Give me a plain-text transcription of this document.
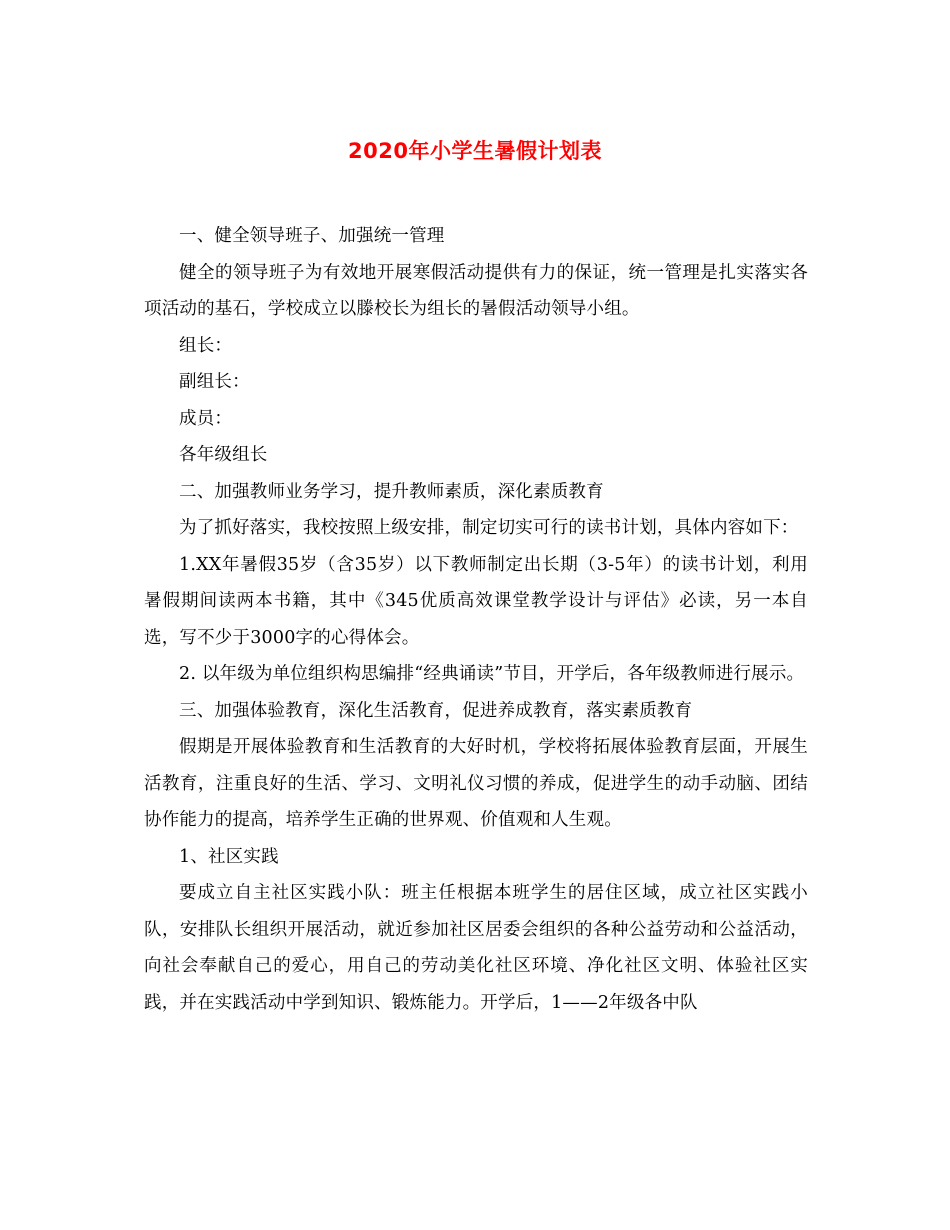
2020年小学生暑假计划表

一、健全领导班子、加强统一管理

健全的领导班子为有效地开展寒假活动提供有力的保证，统一管理是扎实落实各项活动的基石，学校成立以滕校长为组长的暑假活动领导小组。

组长：

副组长：

成员：

各年级组长

二、加强教师业务学习，提升教师素质，深化素质教育

为了抓好落实，我校按照上级安排，制定切实可行的读书计划，具体内容如下：

1.XX年暑假35岁（含35岁）以下教师制定出长期（3-5年）的读书计划，利用暑假期间读两本书籍，其中《345优质高效课堂教学设计与评估》必读，另一本自选，写不少于3000字的心得体会。

2. 以年级为单位组织构思编排“经典诵读”节目，开学后，各年级教师进行展示。

三、加强体验教育，深化生活教育，促进养成教育，落实素质教育

假期是开展体验教育和生活教育的大好时机，学校将拓展体验教育层面，开展生活教育，注重良好的生活、学习、文明礼仪习惯的养成，促进学生的动手动脑、团结协作能力的提高，培养学生正确的世界观、价值观和人生观。

1、社区实践

要成立自主社区实践小队：班主任根据本班学生的居住区域，成立社区实践小队，安排队长组织开展活动，就近参加社区居委会组织的各种公益劳动和公益活动，向社会奉献自己的爱心，用自己的劳动美化社区环境、净化社区文明、体验社区实践，并在实践活动中学到知识、锻炼能力。开学后，1——2年级各中队
